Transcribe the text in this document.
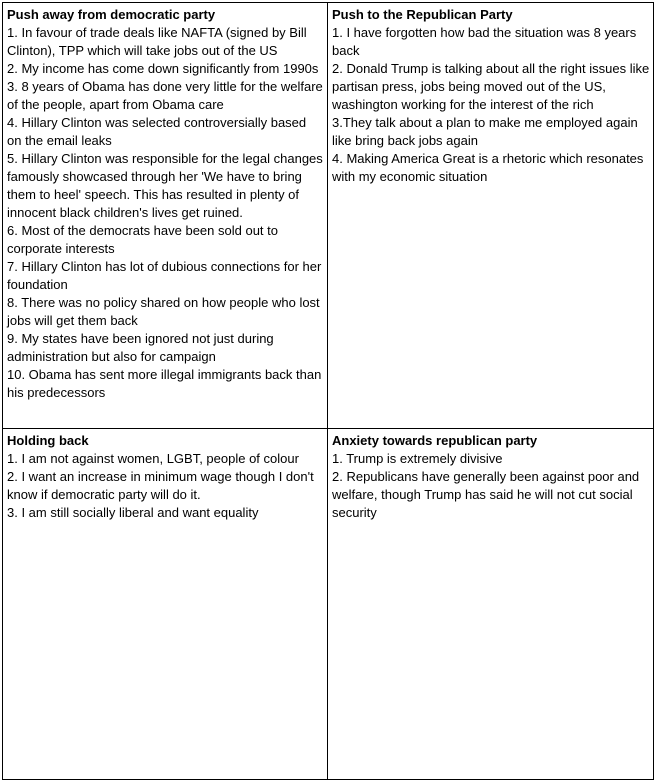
Push away from democratic party
1. In favour of trade deals like NAFTA (signed by Bill Clinton), TPP which will take jobs out of the US
2. My income has come down significantly from 1990s
3. 8 years of Obama has done very little for the welfare of the people, apart from Obama care
4. Hillary Clinton was selected controversially based on the email leaks
5. Hillary Clinton was responsible for the legal changes famously showcased through her 'We have to bring them to heel' speech. This has resulted in plenty of innocent black children's lives get ruined.
6. Most of the democrats have been sold out to corporate interests
7. Hillary Clinton has lot of dubious connections for her foundation
8. There was no policy shared on how people who lost jobs will get them back
9. My states have been ignored not just during administration but also for campaign
10. Obama has sent more illegal immigrants back than his predecessors
Push to the Republican Party
1. I have forgotten how bad the situation was 8 years back
2. Donald Trump is talking about all the right issues like partisan press, jobs being moved out of the US, washington working for the interest of the rich
3.They talk about a plan to make me employed again like bring back jobs again
4. Making America Great is a rhetoric which resonates with my economic situation
Holding back
1. I am not against women, LGBT, people of colour
2. I want an increase in minimum wage though I don't know if democratic party will do it.
3. I am still socially liberal and want equality
Anxiety towards republican party
1. Trump is extremely divisive
2. Republicans have generally been against poor and welfare, though Trump has said he will not cut social security
